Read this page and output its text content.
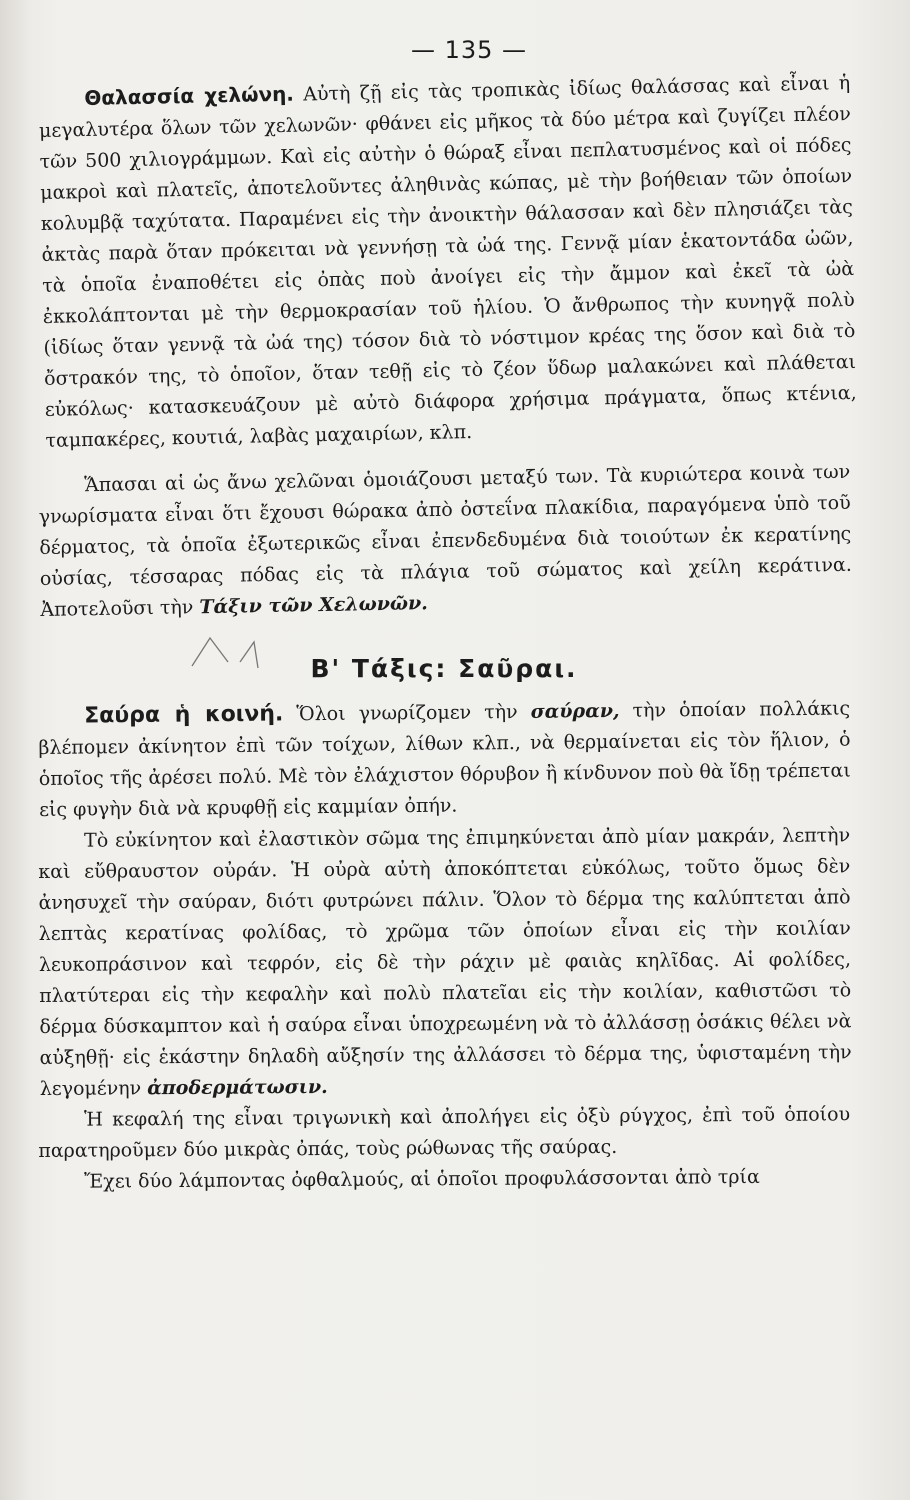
— 135 —

Θαλασσία χελώνη. Αὐτὴ ζῇ εἰς τὰς τροπικὰς ἰδίως θαλάσσας καὶ εἶναι ἡ μεγαλυτέρα ὅλων τῶν χελωνῶν· φθάνει εἰς μῆκος τὰ δύο μέτρα καὶ ζυγίζει πλέον τῶν 500 χιλιογράμμων. Καὶ εἰς αὐτὴν ὁ θώραξ εἶναι πεπλατυσμένος καὶ οἱ πόδες μακροὶ καὶ πλατεῖς, ἀποτελοῦντες ἀληθινὰς κώπας, μὲ τὴν βοήθειαν τῶν ὁποίων κολυμβᾷ ταχύτατα. Παραμένει εἰς τὴν ἀνοικτὴν θάλασσαν καὶ δὲν πλησιάζει τὰς ἀκτὰς παρὰ ὅταν πρόκειται νὰ γεννήσῃ τὰ ὠά της. Γεννᾷ μίαν ἑκατοντάδα ὠῶν, τὰ ὁποῖα ἐναποθέτει εἰς ὀπὰς ποὺ ἀνοίγει εἰς τὴν ἄμμον καὶ ἐκεῖ τὰ ὠὰ ἐκκολάπτονται μὲ τὴν θερμοκρασίαν τοῦ ἡλίου. Ὁ ἄνθρωπος τὴν κυνηγᾷ πολὺ (ἰδίως ὅταν γεννᾷ τὰ ὠά της) τόσον διὰ τὸ νόστιμον κρέας της ὅσον καὶ διὰ τὸ ὄστρακόν της, τὸ ὁποῖον, ὅταν τεθῇ εἰς τὸ ζέον ὕδωρ μαλακώνει καὶ πλάθεται εὐκόλως· κατασκευάζουν μὲ αὐτὸ διάφορα χρήσιμα πράγματα, ὅπως κτένια, ταμπακέρες, κουτιά, λαβὰς μαχαιρίων, κλπ.

Ἅπασαι αἱ ὡς ἄνω χελῶναι ὁμοιάζουσι μεταξύ των. Τὰ κυριώτερα κοινὰ των γνωρίσματα εἶναι ὅτι ἔχουσι θώρακα ἀπὸ ὀστεΐνα πλακίδια, παραγόμενα ὑπὸ τοῦ δέρματος, τὰ ὁποῖα ἐξωτερικῶς εἶναι ἐπενδεδυμένα διὰ τοιούτων ἐκ κερατίνης οὐσίας, τέσσαρας πόδας εἰς τὰ πλάγια τοῦ σώματος καὶ χείλη κεράτινα. Ἀποτελοῦσι τὴν Τάξιν τῶν Χελωνῶν.

Β' Τάξις: Σαῦραι.

Σαύρα ἡ κοινή. Ὅλοι γνωρίζομεν τὴν σαύραν, τὴν ὁποίαν πολλάκις βλέπομεν ἀκίνητον ἐπὶ τῶν τοίχων, λίθων κλπ., νὰ θερμαίνεται εἰς τὸν ἥλιον, ὁ ὁποῖος τῆς ἀρέσει πολύ. Μὲ τὸν ἐλάχιστον θόρυβον ἢ κίνδυνον ποὺ θὰ ἴδῃ τρέπεται εἰς φυγὴν διὰ νὰ κρυφθῇ εἰς καμμίαν ὀπήν.

Τὸ εὐκίνητον καὶ ἐλαστικὸν σῶμα της ἐπιμηκύνεται ἀπὸ μίαν μακράν, λεπτὴν καὶ εὔθραυστον οὐράν. Ἡ οὐρὰ αὐτὴ ἀποκόπτεται εὐκόλως, τοῦτο ὅμως δὲν ἀνησυχεῖ τὴν σαύραν, διότι φυτρώνει πάλιν. Ὅλον τὸ δέρμα της καλύπτεται ἀπὸ λεπτὰς κερατίνας φολίδας, τὸ χρῶμα τῶν ὁποίων εἶναι εἰς τὴν κοιλίαν λευκοπράσινον καὶ τεφρόν, εἰς δὲ τὴν ράχιν μὲ φαιὰς κηλῖδας. Αἱ φολίδες, πλατύτεραι εἰς τὴν κεφαλὴν καὶ πολὺ πλατεῖαι εἰς τὴν κοιλίαν, καθιστῶσι τὸ δέρμα δύσκαμπτον καὶ ἡ σαύρα εἶναι ὑποχρεωμένη νὰ τὸ ἀλλάσσῃ ὁσάκις θέλει νὰ αὐξηθῇ· εἰς ἑκάστην δηλαδὴ αὔξησίν της ἀλλάσσει τὸ δέρμα της, ὑφισταμένη τὴν λεγομένην ἀποδερμάτωσιν.

Ἡ κεφαλή της εἶναι τριγωνικὴ καὶ ἀπολήγει εἰς ὀξὺ ρύγχος, ἐπὶ τοῦ ὁποίου παρατηροῦμεν δύο μικρὰς ὀπάς, τοὺς ρώθωνας τῆς σαύρας.

Ἔχει δύο λάμποντας ὀφθαλμούς, αἱ ὁποῖοι προφυλάσσονται ἀπὸ τρία
